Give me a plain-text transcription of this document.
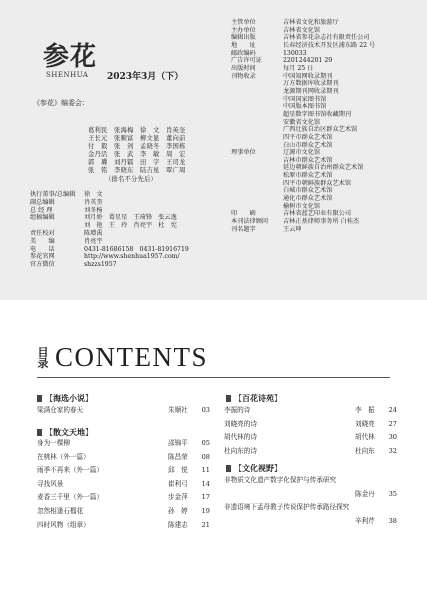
参花
SHENHUA 2023年3月（下）
《参花》编委会：
葛利民　张海梅　徐　文　肖英奎
王长元　张顺富　柳文显　董向前
付　毅　张　剑　孟晓冬　李国栋
金丹活　张　武　李　敏　周　宏
郭　瓘　刘丹镭　田　宇　王司龙
张　铭　李晓东　陆吉星　覃广周
（排名不分先后）
执行董事/总编辑	徐　文
副总编辑	肖英奎
总 经 理	刘冬杨
组稿编辑	刘月娇　葛星星　王琦锋　张云逸
刘　艳　王　玲　肖亮宇　杜　宪
责任校对	陈增禹
美　　编	肖亮宇
电　　话	0431-81686158　0431-81916719
参花官网	http://www.shenhua1957.com/
官方微信	shzzs1957
主管单位	吉林省文化和旅游厅
主办单位	吉林省文化馆
编辑出版	吉林省参花杂志社有限责任公司
地　　址	长春经济技术开发区浦东路 22 号
邮政编码	130033
广告许可证	2201244201 29
出版时间	每月 25 日
刊物收录	中国知网收录期刊
万方数据库收录期刊
龙源期刊网收录期刊
中国国家图书馆
中国版本图书馆
超星数字图书馆收藏期刊
理事单位
安徽省文化馆
广西壮族自治区群众艺术馆
四平市群众艺术馆
白山市群众艺术馆
辽源市文化馆
吉林市群众艺术馆
延边朝鲜族自治州群众艺术馆
松原市群众艺术馆
四平市朝鲜族群众艺术馆
白城市群众艺术馆
通化市群众艺术馆
榆树市文化馆
印　　刷	吉林省蓝艺印业有限公司
本刊法律顾问	吉林正基律师事务所 白桂杰
刊名题字	王云坤
目录 CONTENTS
【 海选小说 】
梁满仓家的春天	朱顺社	03
【 散文天地 】
身为一棵柳	邵锦平	05
在桃林（外一篇）	陈昌荣	08
雨季不再来（外一篇）	邱　悦	11
寻找风景	崔利弓	14
麦香三千里（外一篇）	步金萍	17
忽然相逢石榴花	孙　婷	19
四时风物（组章）	陈建志	21
【 百花诗苑 】
李振的诗	李　振	24
刘晓亮的诗	刘晓亮	27
胡代林的诗	胡代林	30
杜向东的诗	杜向东	32
【 文化视野 】
非物质文化遗产数字化保护与传承研究
陈金丹	35
非遗语境下孟母教子传说保护传承路径探究
辛利芹	38
